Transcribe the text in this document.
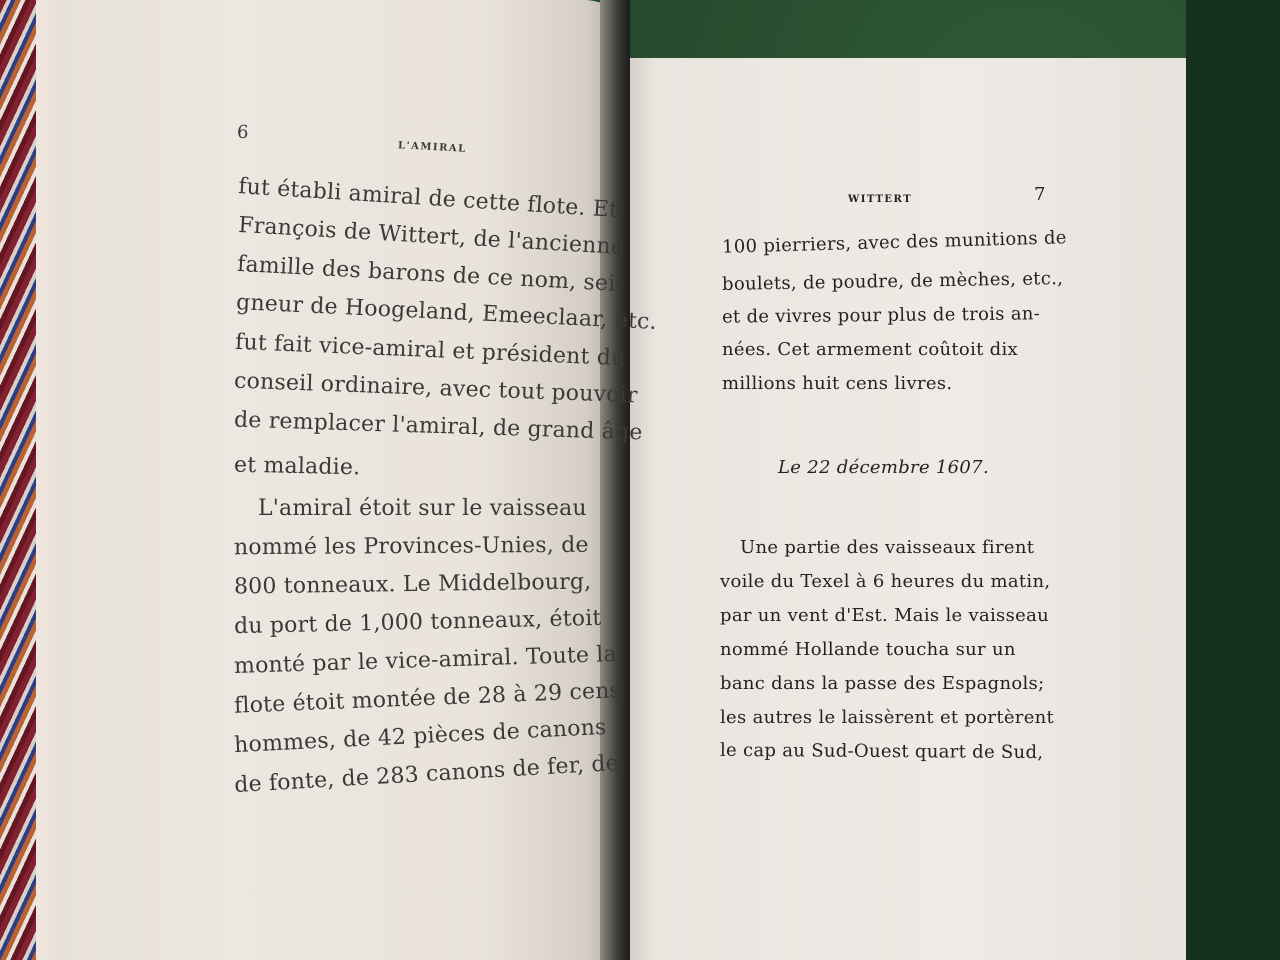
6
L'AMIRAL
fut établi amiral de cette flote. Et
François de Wittert, de l'ancienne
famille des barons de ce nom, sei-
gneur de Hoogeland, Emeeclaar, etc.
fut fait vice-amiral et président du
conseil ordinaire, avec tout pouvoir
de remplacer l'amiral, de grand âge
et maladie.
L'amiral étoit sur le vaisseau
nommé les Provinces-Unies, de
800 tonneaux. Le Middelbourg,
du port de 1,000 tonneaux, étoit
monté par le vice-amiral. Toute la
flote étoit montée de 28 à 29 cens
hommes, de 42 pièces de canons
de fonte, de 283 canons de fer, de
WITTERT	7
100 pierriers, avec des munitions de
boulets, de poudre, de mèches, etc.,
et de vivres pour plus de trois an-
nées. Cet armement coûtoit dix
millions huit cens livres.
Le 22 décembre 1607.
Une partie des vaisseaux firent
voile du Texel à 6 heures du matin,
par un vent d'Est. Mais le vaisseau
nommé Hollande toucha sur un
banc dans la passe des Espagnols;
les autres le laissèrent et portèrent
le cap au Sud-Ouest quart de Sud,
